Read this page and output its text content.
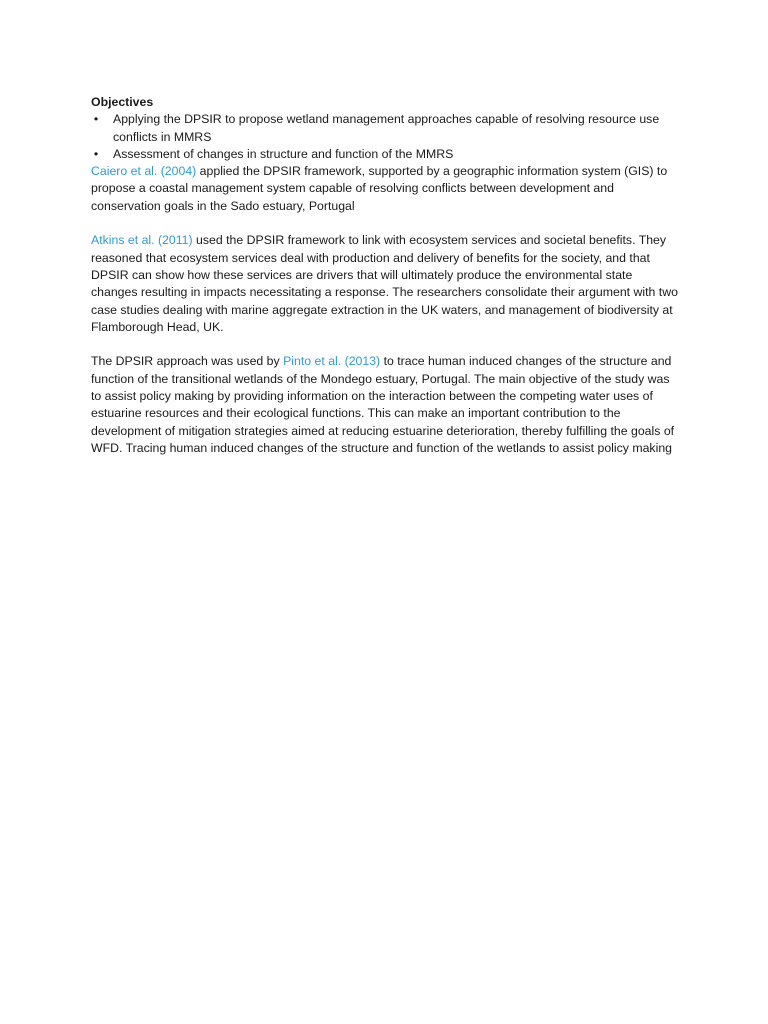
Objectives

• Applying the DPSIR to propose wetland management approaches capable of resolving resource use conflicts in MMRS
• Assessment of changes in structure and function of the MMRS

Caiero et al. (2004) applied the DPSIR framework, supported by a geographic information system (GIS) to propose a coastal management system capable of resolving conflicts between development and conservation goals in the Sado estuary, Portugal

Atkins et al. (2011) used the DPSIR framework to link with ecosystem services and societal benefits. They reasoned that ecosystem services deal with production and delivery of benefits for the society, and that DPSIR can show how these services are drivers that will ultimately produce the environmental state changes resulting in impacts necessitating a response. The researchers consolidate their argument with two case studies dealing with marine aggregate extraction in the UK waters, and management of biodiversity at Flamborough Head, UK.

The DPSIR approach was used by Pinto et al. (2013) to trace human induced changes of the structure and function of the transitional wetlands of the Mondego estuary, Portugal. The main objective of the study was to assist policy making by providing information on the interaction between the competing water uses of estuarine resources and their ecological functions. This can make an important contribution to the development of mitigation strategies aimed at reducing estuarine deterioration, thereby fulfilling the goals of WFD. Tracing human induced changes of the structure and function of the wetlands to assist policy making
